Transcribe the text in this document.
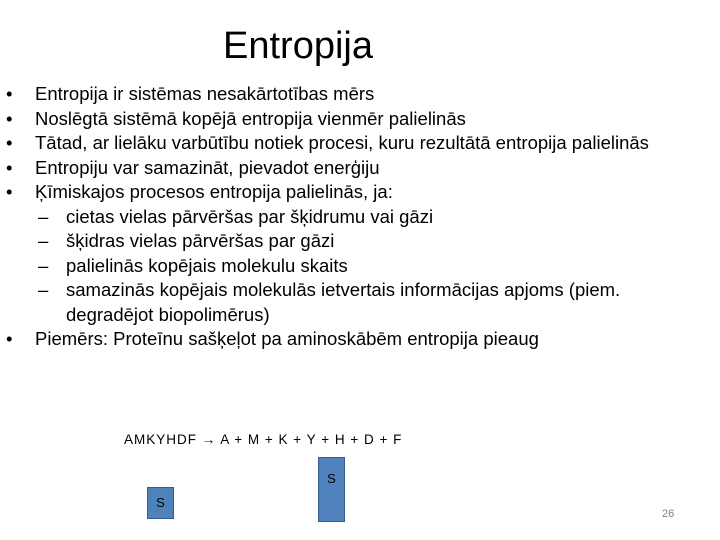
Entropija
• Entropija ir sistēmas nesakārtotības mērs
• Noslēgtā sistēmā kopējā entropija vienmēr palielinās
• Tātad, ar lielāku varbūtību notiek procesi, kuru rezultātā entropija palielinās
• Entropiju var samazināt, pievadot enerģiju
• Ķīmiskajos procesos entropija palielinās, ja:
– cietas vielas pārvēršas par šķidrumu vai gāzi
– šķidras vielas pārvēršas par gāzi
– palielinās kopējais molekulu skaits
– samazinās kopējais molekulās ietvertais informācijas apjoms (piem. degradējot biopolimērus)
• Piemērs: Proteīnu sašķeļot pa aminoskābēm entropija pieaug
AMKYHDF → A + M + K + Y + H + D + F
S
S
26
